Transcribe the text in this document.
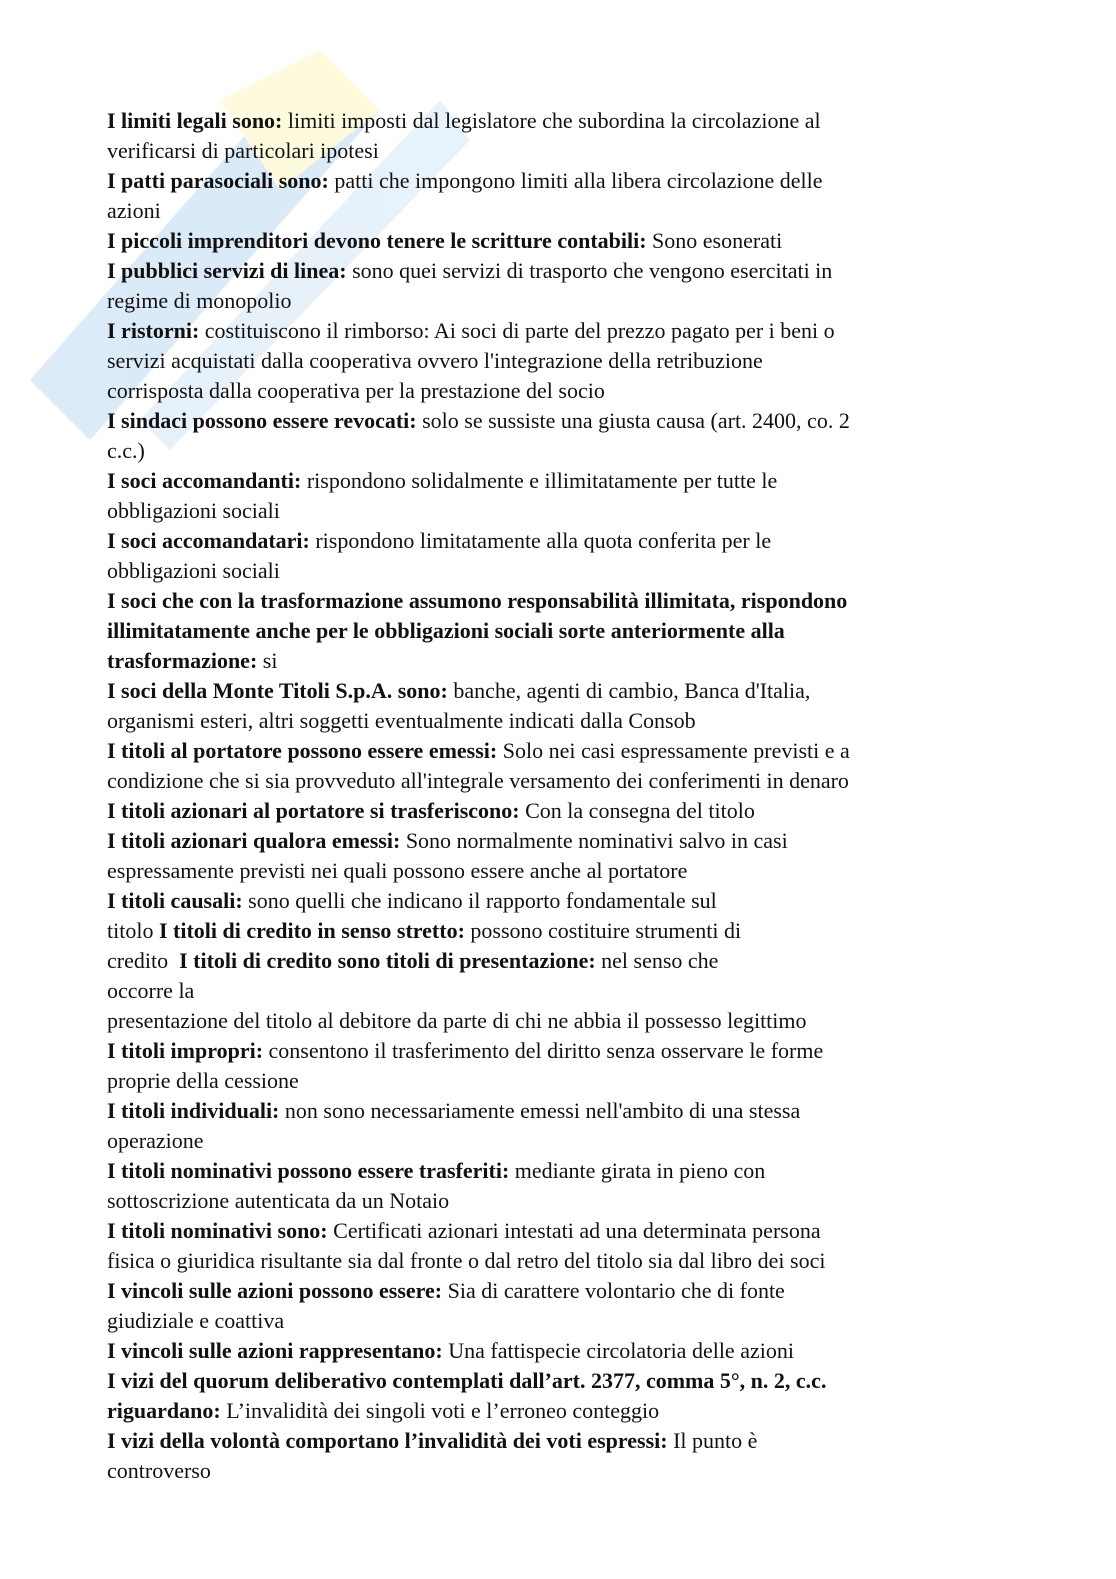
I limiti legali sono: limiti imposti dal legislatore che subordina la circolazione al
verificarsi di particolari ipotesi
I patti parasociali sono: patti che impongono limiti alla libera circolazione delle
azioni
I piccoli imprenditori devono tenere le scritture contabili: Sono esonerati
I pubblici servizi di linea: sono quei servizi di trasporto che vengono esercitati in
regime di monopolio
I ristorni: costituiscono il rimborso: Ai soci di parte del prezzo pagato per i beni o
servizi acquistati dalla cooperativa ovvero l'integrazione della retribuzione
corrisposta dalla cooperativa per la prestazione del socio
I sindaci possono essere revocati: solo se sussiste una giusta causa (art. 2400, co. 2
c.c.)
I soci accomandanti: rispondono solidalmente e illimitatamente per tutte le
obbligazioni sociali
I soci accomandatari: rispondono limitatamente alla quota conferita per le
obbligazioni sociali
I soci che con la trasformazione assumono responsabilità illimitata, rispondono
illimitatamente anche per le obbligazioni sociali sorte anteriormente alla
trasformazione: si
I soci della Monte Titoli S.p.A. sono: banche, agenti di cambio, Banca d'Italia,
organismi esteri, altri soggetti eventualmente indicati dalla Consob
I titoli al portatore possono essere emessi: Solo nei casi espressamente previsti e a
condizione che si sia provveduto all'integrale versamento dei conferimenti in denaro
I titoli azionari al portatore si trasferiscono: Con la consegna del titolo
I titoli azionari qualora emessi: Sono normalmente nominativi salvo in casi
espressamente previsti nei quali possono essere anche al portatore
I titoli causali: sono quelli che indicano il rapporto fondamentale sul
titolo I titoli di credito in senso stretto: possono costituire strumenti di
credito  I titoli di credito sono titoli di presentazione: nel senso che
occorre la
presentazione del titolo al debitore da parte di chi ne abbia il possesso legittimo
I titoli impropri: consentono il trasferimento del diritto senza osservare le forme
proprie della cessione
I titoli individuali: non sono necessariamente emessi nell'ambito di una stessa
operazione
I titoli nominativi possono essere trasferiti: mediante girata in pieno con
sottoscrizione autenticata da un Notaio
I titoli nominativi sono: Certificati azionari intestati ad una determinata persona
fisica o giuridica risultante sia dal fronte o dal retro del titolo sia dal libro dei soci
I vincoli sulle azioni possono essere: Sia di carattere volontario che di fonte
giudiziale e coattiva
I vincoli sulle azioni rappresentano: Una fattispecie circolatoria delle azioni
I vizi del quorum deliberativo contemplati dall’art. 2377, comma 5°, n. 2, c.c.
riguardano: L’invalidità dei singoli voti e l’erroneo conteggio
I vizi della volontà comportano l’invalidità dei voti espressi: Il punto è
controverso
